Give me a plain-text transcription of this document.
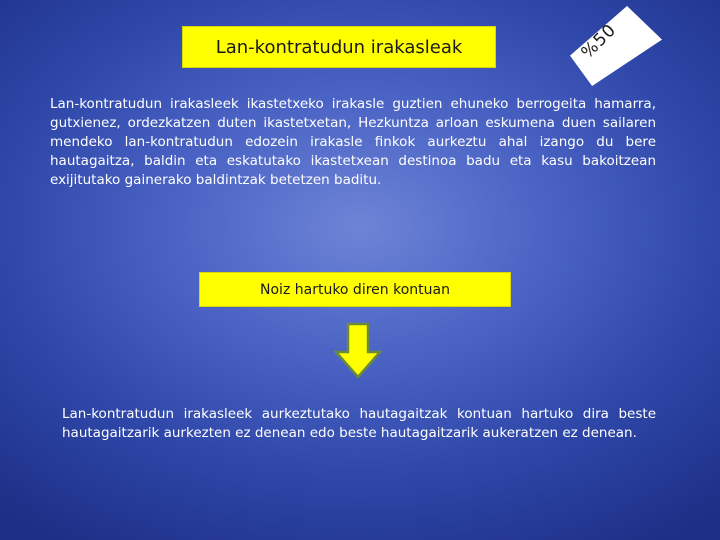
Lan-kontratudun irakasleak	%50
Lan-kontratudun irakasleek ikastetxeko irakasle guztien ehuneko berrogeita hamarra, gutxienez, ordezkatzen duten ikastetxetan, Hezkuntza arloan eskumena duen sailaren mendeko lan-kontratudun edozein irakasle finkok aurkeztu ahal izango du bere hautagaitza, baldin eta eskatutako ikastetxean destinoa badu eta kasu bakoitzean exijitutako gainerako baldintzak betetzen baditu.
Noiz hartuko diren kontuan
Lan-kontratudun irakasleek aurkeztutako hautagaitzak kontuan hartuko dira beste hautagaitzarik aurkezten ez denean edo beste hautagaitzarik aukeratzen ez denean.
